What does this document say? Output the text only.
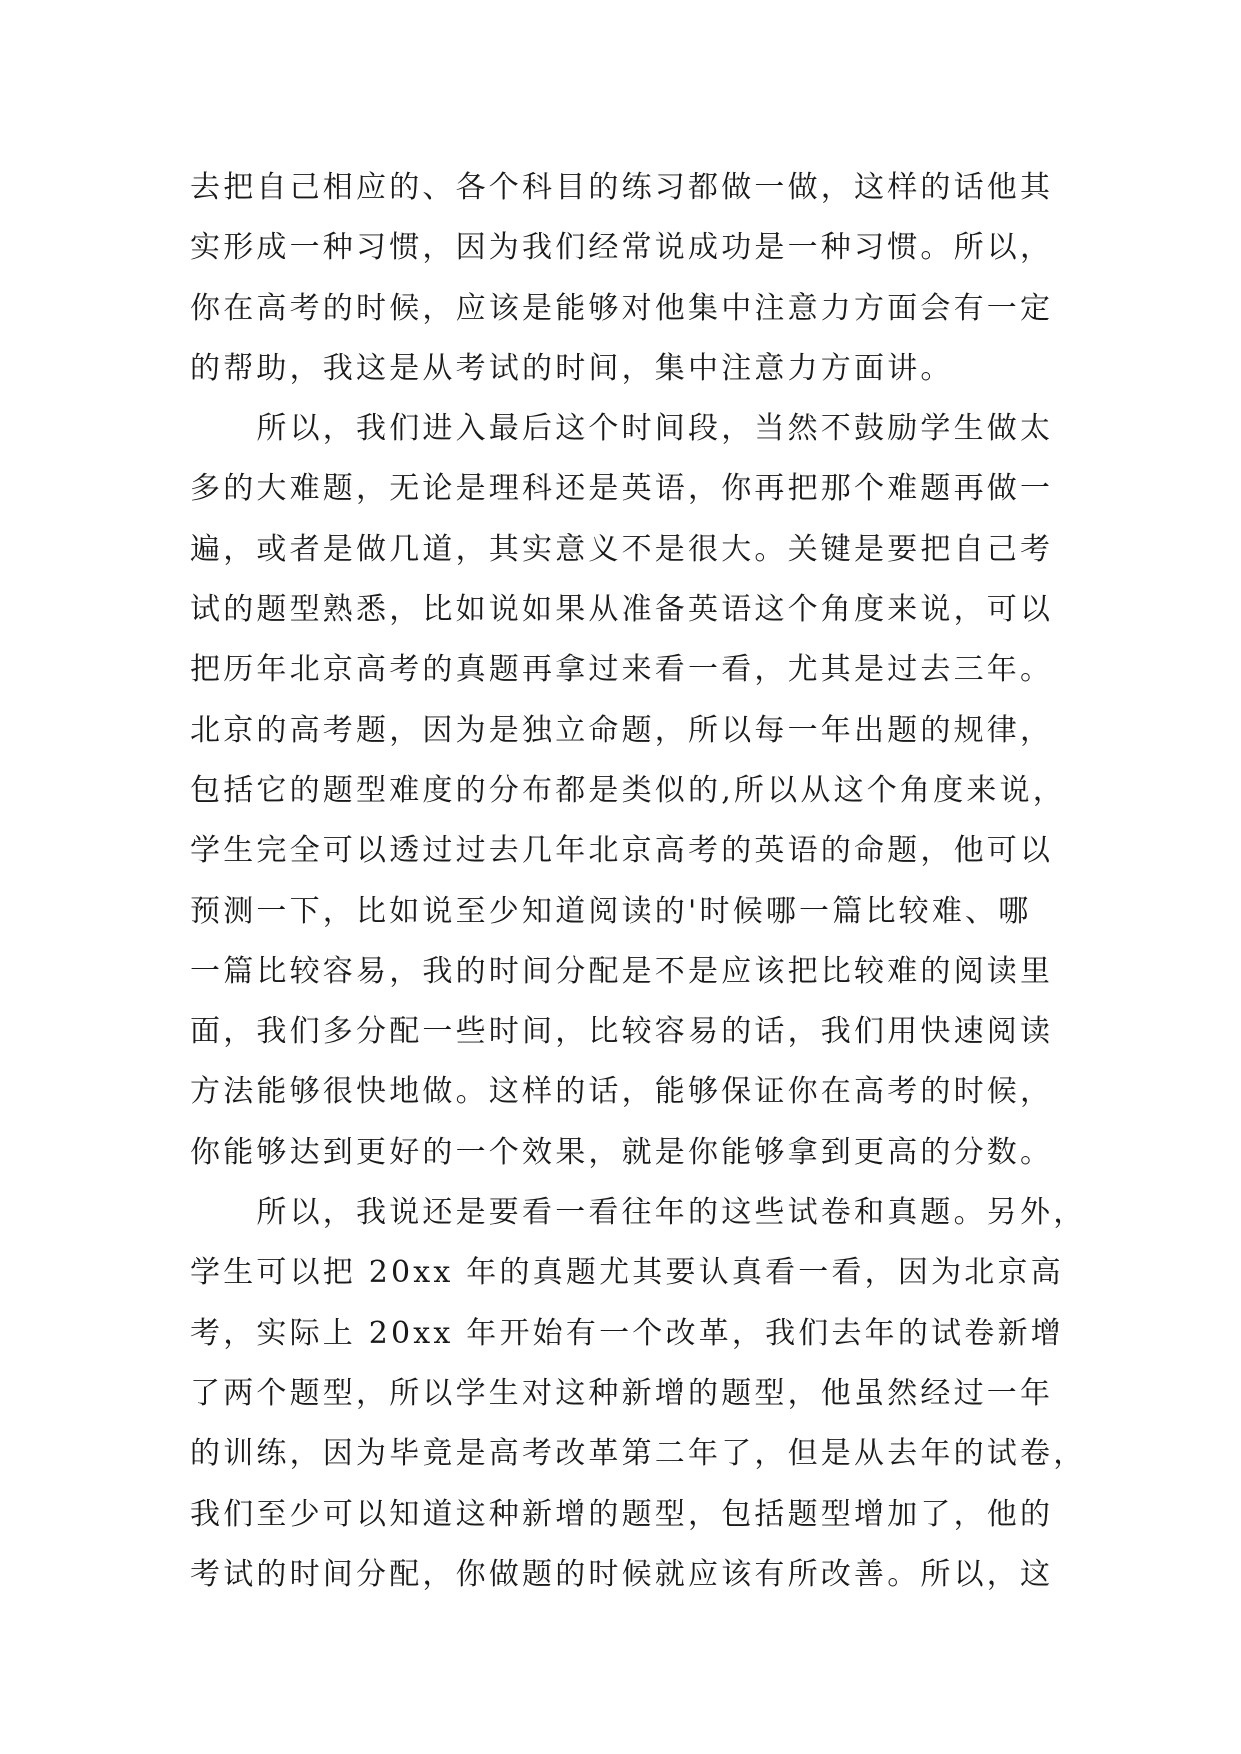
去把自己相应的、各个科目的练习都做一做，这样的话他其
实形成一种习惯，因为我们经常说成功是一种习惯。所以，
你在高考的时候，应该是能够对他集中注意力方面会有一定
的帮助，我这是从考试的时间，集中注意力方面讲。
　　所以，我们进入最后这个时间段，当然不鼓励学生做太
多的大难题，无论是理科还是英语，你再把那个难题再做一
遍，或者是做几道，其实意义不是很大。关键是要把自己考
试的题型熟悉，比如说如果从准备英语这个角度来说，可以
把历年北京高考的真题再拿过来看一看，尤其是过去三年。
北京的高考题，因为是独立命题，所以每一年出题的规律，
包括它的题型难度的分布都是类似的,所以从这个角度来说，
学生完全可以透过过去几年北京高考的英语的命题，他可以
预测一下，比如说至少知道阅读的'时候哪一篇比较难、哪
一篇比较容易，我的时间分配是不是应该把比较难的阅读里
面，我们多分配一些时间，比较容易的话，我们用快速阅读
方法能够很快地做。这样的话，能够保证你在高考的时候，
你能够达到更好的一个效果，就是你能够拿到更高的分数。
　　所以，我说还是要看一看往年的这些试卷和真题。另外，
学生可以把 20xx 年的真题尤其要认真看一看，因为北京高
考，实际上 20xx 年开始有一个改革，我们去年的试卷新增
了两个题型，所以学生对这种新增的题型，他虽然经过一年
的训练，因为毕竟是高考改革第二年了，但是从去年的试卷，
我们至少可以知道这种新增的题型，包括题型增加了，他的
考试的时间分配，你做题的时候就应该有所改善。所以，这
